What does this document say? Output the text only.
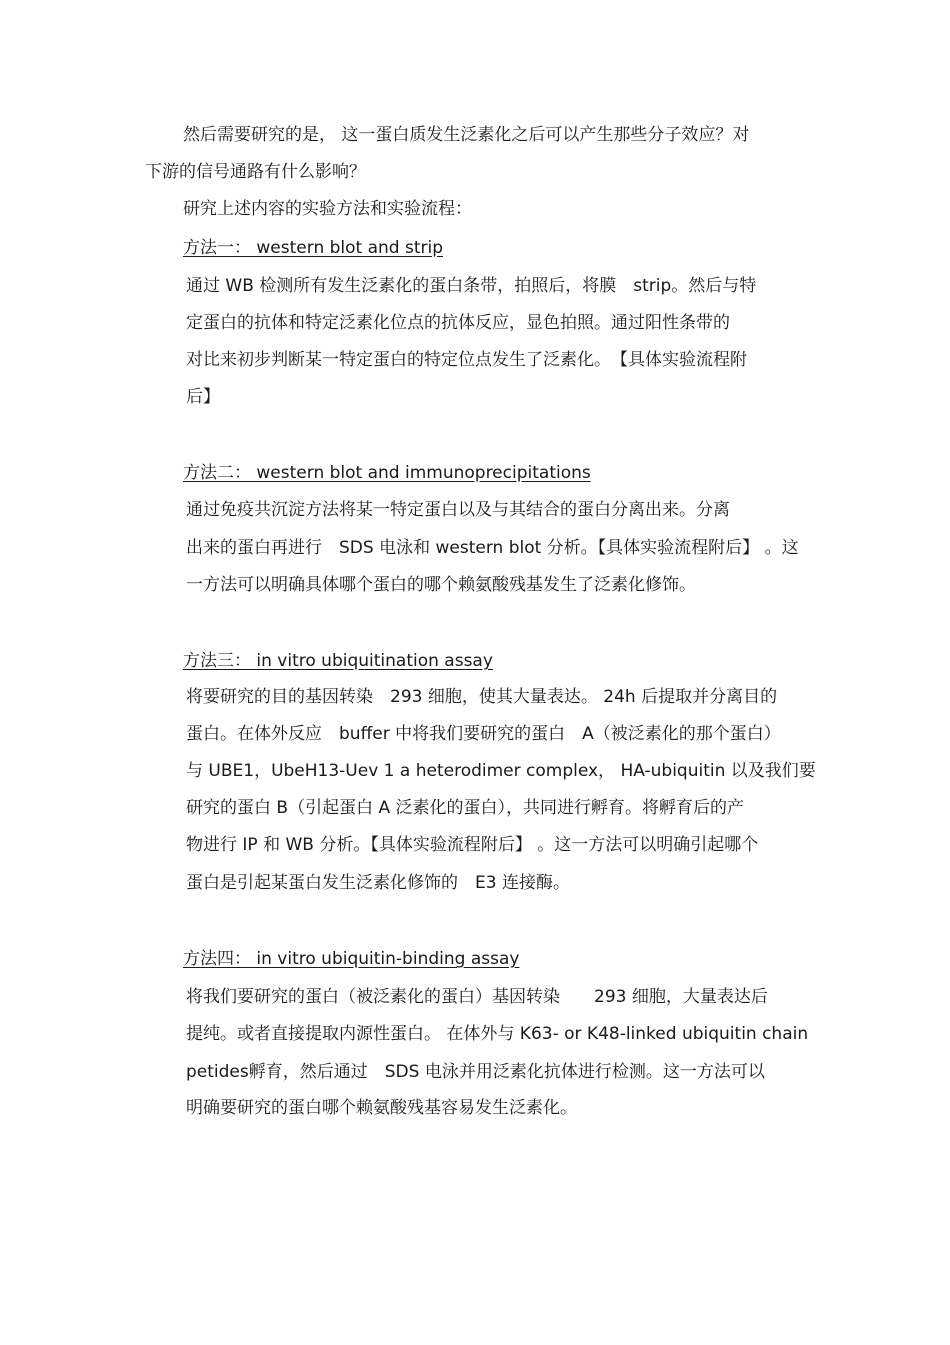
然后需要研究的是， 这一蛋白质发生泛素化之后可以产生那些分子效应？对
下游的信号通路有什么影响？
研究上述内容的实验方法和实验流程：
方法一： western blot and strip
通过 WB 检测所有发生泛素化的蛋白条带，拍照后，将膜　strip。然后与特
定蛋白的抗体和特定泛素化位点的抗体反应，显色拍照。通过阳性条带的
对比来初步判断某一特定蛋白的特定位点发生了泛素化。　【具体实验流程附
后】
方法二： western blot and immunoprecipitations
通过免疫共沉淀方法将某一特定蛋白以及与其结合的蛋白分离出来。分离
出来的蛋白再进行　SDS 电泳和 western blot 分析。【具体实验流程附后】 。这
一方法可以明确具体哪个蛋白的哪个赖氨酸残基发生了泛素化修饰。
方法三： in vitro ubiquitination assay
将要研究的目的基因转染　293 细胞，使其大量表达。 24h 后提取并分离目的
蛋白。在体外反应　buffer 中将我们要研究的蛋白　A（被泛素化的那个蛋白）
与 UBE1，UbeH13-Uev 1 a heterodimer complex， HA-ubiquitin 以及我们要
研究的蛋白 B（引起蛋白 A 泛素化的蛋白），共同进行孵育。将孵育后的产
物进行 IP 和 WB 分析。【具体实验流程附后】 。这一方法可以明确引起哪个
蛋白是引起某蛋白发生泛素化修饰的　E3 连接酶。
方法四： in vitro ubiquitin-binding assay
将我们要研究的蛋白（被泛素化的蛋白）基因转染　　293 细胞，大量表达后
提纯。或者直接提取内源性蛋白。 在体外与 K63- or K48-linked ubiquitin chain
petides孵育，然后通过　SDS 电泳并用泛素化抗体进行检测。这一方法可以
明确要研究的蛋白哪个赖氨酸残基容易发生泛素化。
